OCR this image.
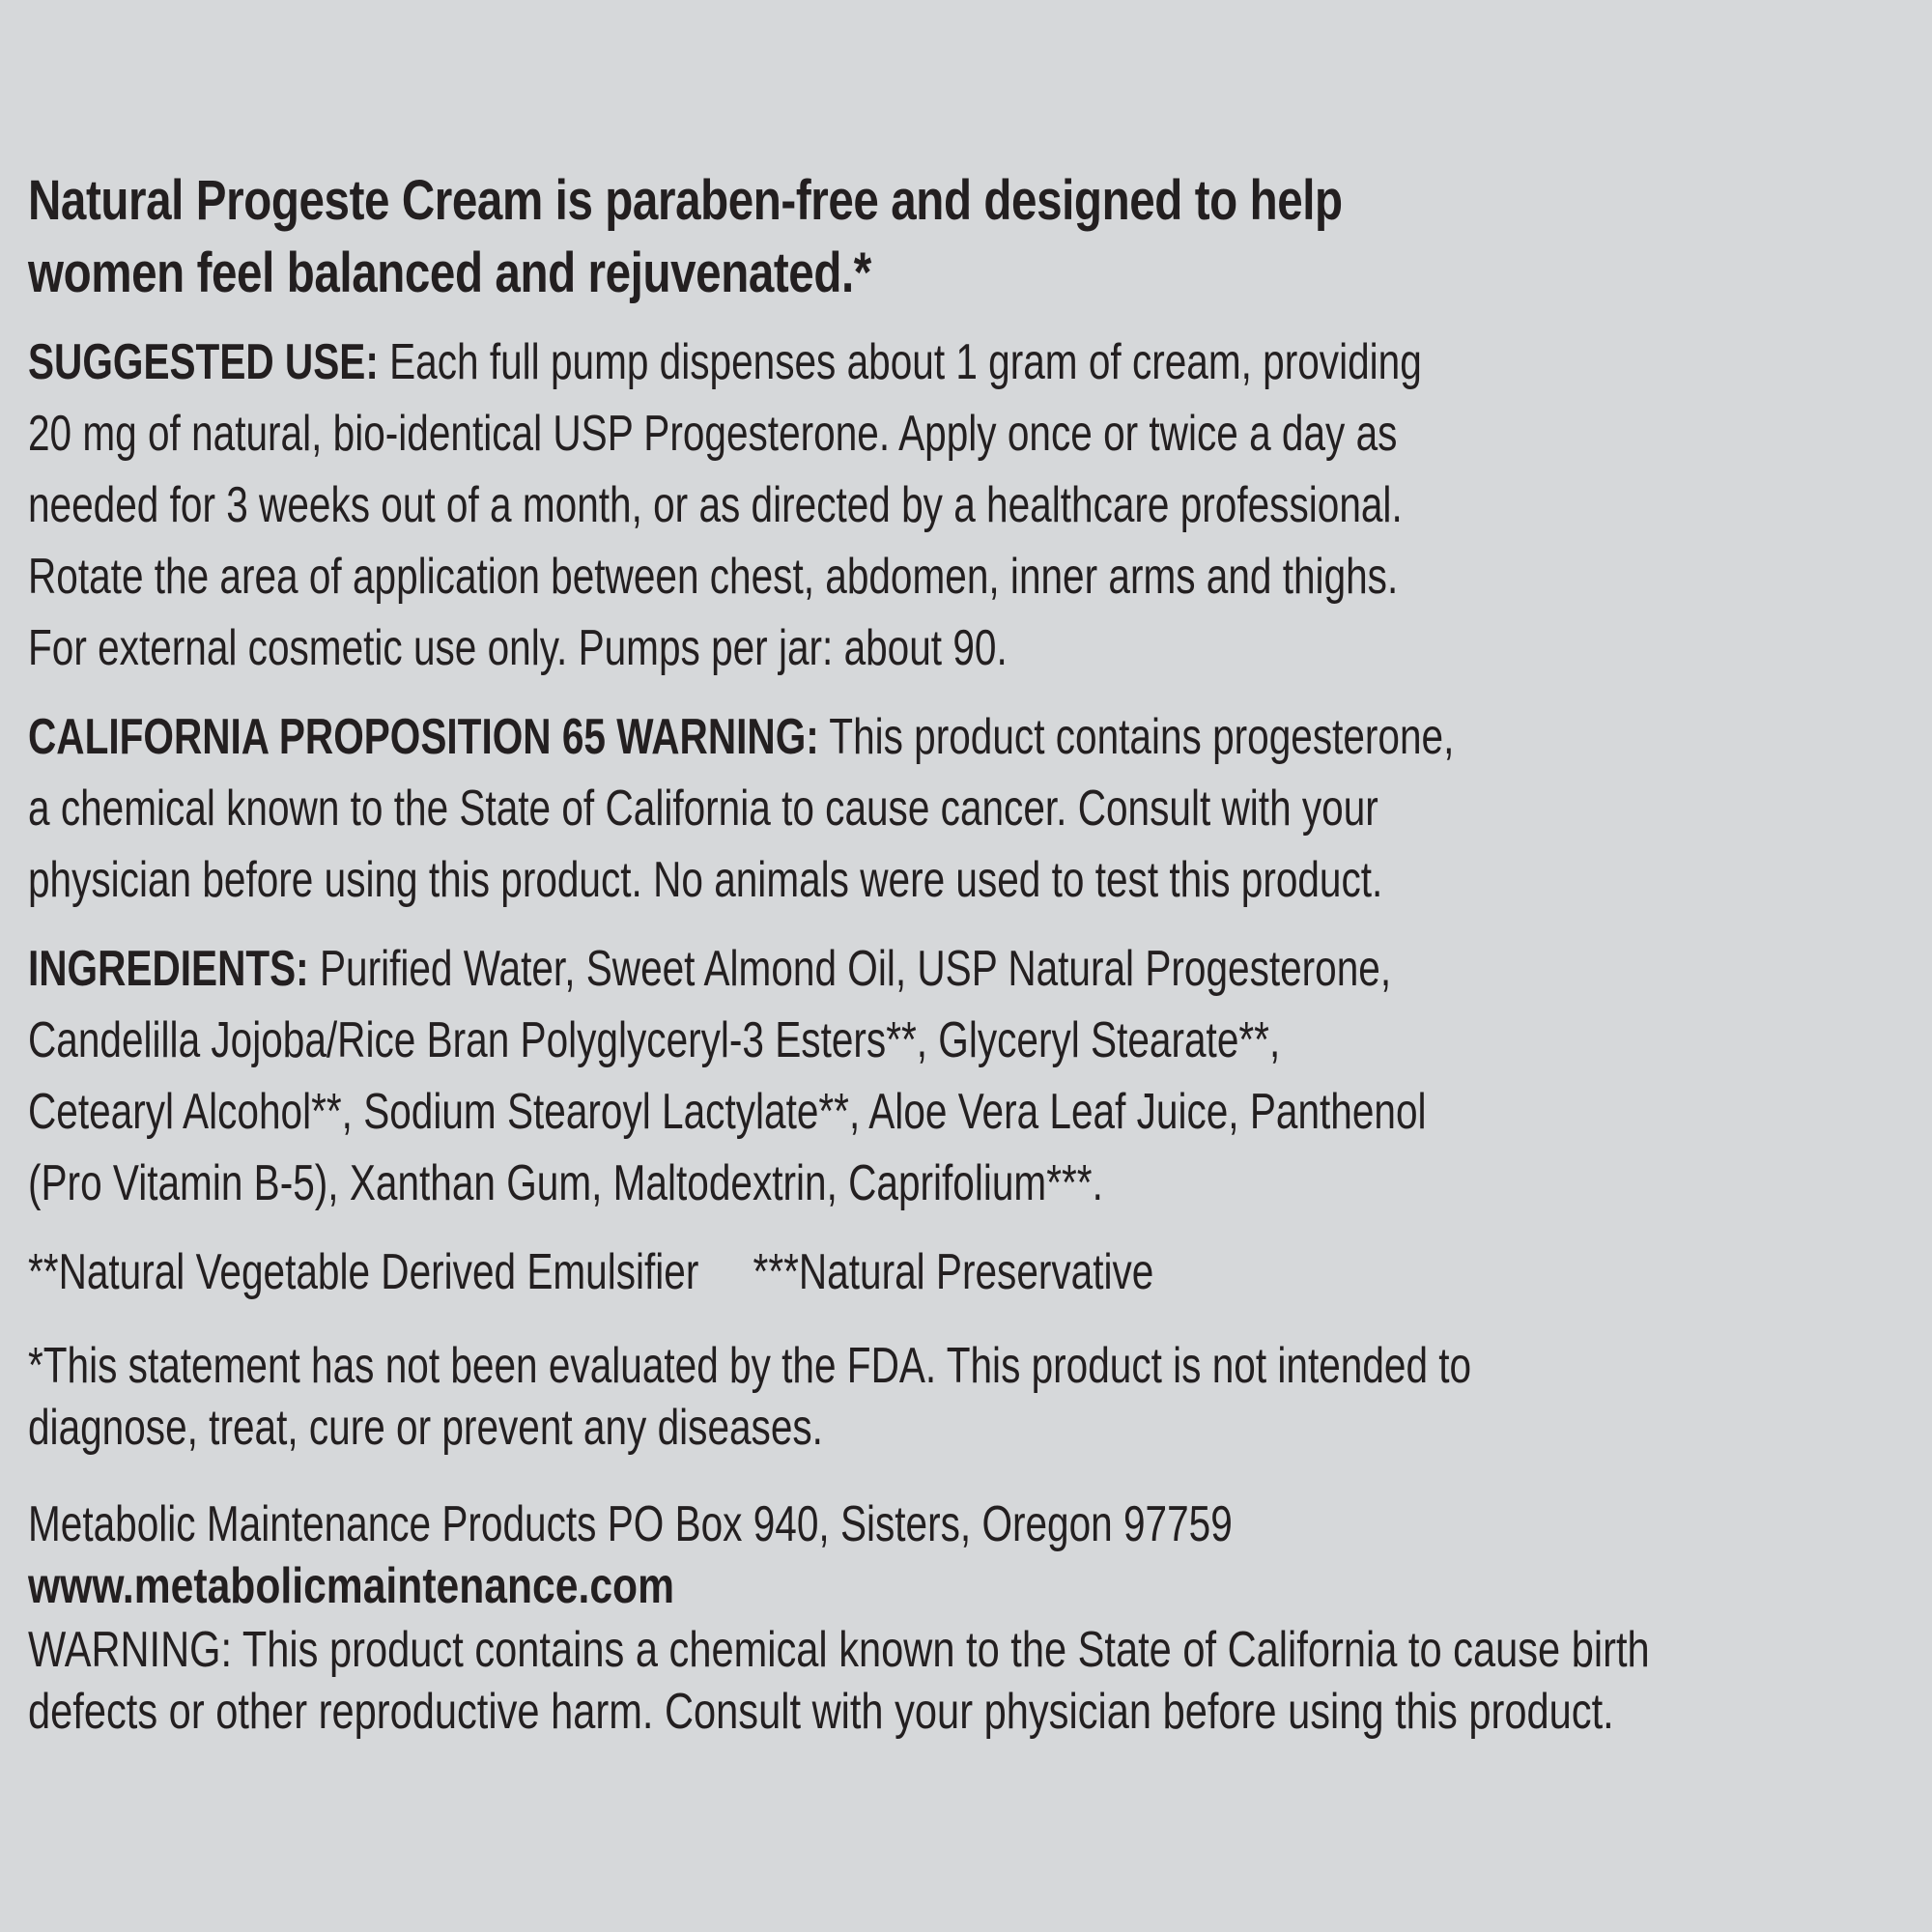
Natural Progeste Cream is paraben-free and designed to help
women feel balanced and rejuvenated.*
SUGGESTED USE: Each full pump dispenses about 1 gram of cream, providing
20 mg of natural, bio-identical USP Progesterone. Apply once or twice a day as
needed for 3 weeks out of a month, or as directed by a healthcare professional.
Rotate the area of application between chest, abdomen, inner arms and thighs.
For external cosmetic use only. Pumps per jar: about 90.
CALIFORNIA PROPOSITION 65 WARNING: This product contains progesterone,
a chemical known to the State of California to cause cancer. Consult with your
physician before using this product. No animals were used to test this product.
INGREDIENTS: Purified Water, Sweet Almond Oil, USP Natural Progesterone,
Candelilla Jojoba/Rice Bran Polyglyceryl-3 Esters**, Glyceryl Stearate**,
Cetearyl Alcohol**, Sodium Stearoyl Lactylate**, Aloe Vera Leaf Juice, Panthenol
(Pro Vitamin B-5), Xanthan Gum, Maltodextrin, Caprifolium***.
**Natural Vegetable Derived Emulsifier ***Natural Preservative
*This statement has not been evaluated by the FDA. This product is not intended to
diagnose, treat, cure or prevent any diseases.
Metabolic Maintenance Products PO Box 940, Sisters, Oregon 97759
www.metabolicmaintenance.com
WARNING: This product contains a chemical known to the State of California to cause birth
defects or other reproductive harm. Consult with your physician before using this product.
